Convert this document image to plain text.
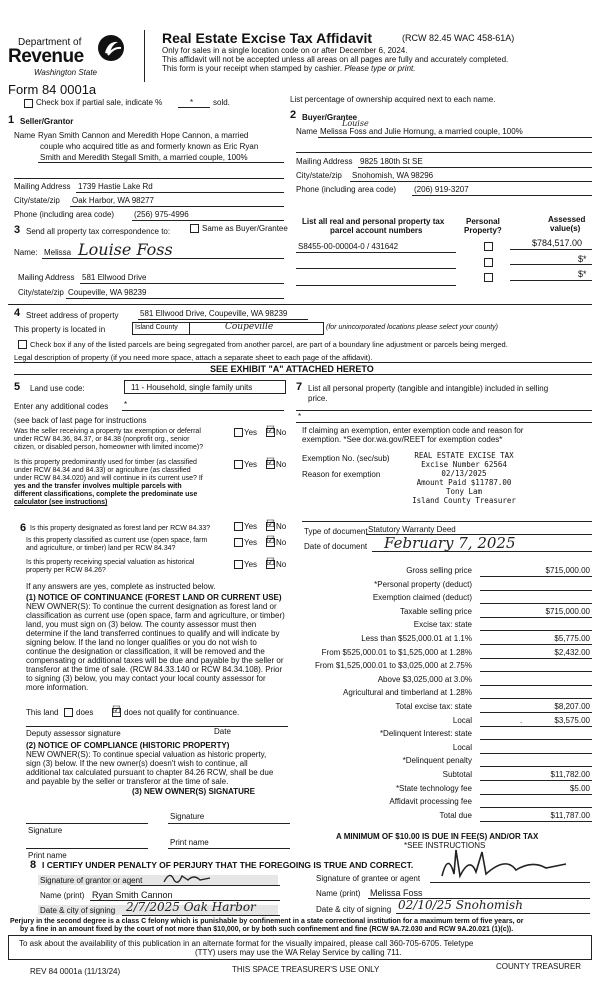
Department of
Revenue
Washington State
Real Estate Excise Tax Affidavit	(RCW 82.45 WAC 458-61A)
Only for sales in a single location code on or after December 6, 2024.
This affidavit will not be accepted unless all areas on all pages are fully and accurately completed.
This form is your receipt when stamped by cashier. Please type or print.
Form 84 0001a
Check box if partial sale, indicate %	* sold.	List percentage of ownership acquired next to each name.
1 Seller/Grantor
Name Ryan Smith Cannon and Meredith Hope Cannon, a married
couple who acquired title as and formerly known as Eric Ryan
Smith and Meredith Stegall Smith, a married couple, 100%
Mailing Address 1739 Hastie Lake Rd
City/state/zip Oak Harbor, WA 98277
Phone (including area code) (256) 975-4996
2 Buyer/Grantee
Louise
Name Melissa Foss and Julie Hornung, a married couple, 100%
Mailing Address 9825 180th St SE
City/state/zip Snohomish, WA 98296
Phone (including area code) (206) 919-3207
3 Send all property tax correspondence to:	Same as Buyer/Grantee
Name: Melissa Louise Foss
Mailing Address 581 Ellwood Drive
City/state/zip Coupeville, WA 98239
List all real and personal property tax
parcel account numbers
Personal
Property?
Assessed
value(s)
S8455-00-00004-0 / 431642	$784,517.00
$*
$*
4 Street address of property	581 Ellwood Drive, Coupeville, WA 98239
This property is located in	Island County	Coupeville	(for unincorporated locations please select your county)
Check box if any of the listed parcels are being segregated from another parcel, are part of a boundary line adjustment or parcels being merged.
Legal description of property (if you need more space, attach a separate sheet to each page of the affidavit).
SEE EXHIBIT "A" ATTACHED HERETO
5 Land use code:	11 - Household, single family units
Enter any additional codes *
(see back of last page for instructions
Was the seller receiving a property tax exemption or deferral
under RCW 84.36, 84.37, or 84.38 (nonprofit org., senior
citizen, or disabled person, homeowner with limited income)?
Yes ☑ No
Is this property predominantly used for timber (as classified
under RCW 84.34 and 84.33) or agriculture (as classified
under RCW 84.34.020) and will continue in its current use? If
yes and the transfer involves multiple parcels with
different classifications, complete the predominate use
calculator (see instructions)
Yes ☑ No
6 Is this property designated as forest land per RCW 84.33?	Yes ☑ No
Is this property classified as current use (open space, farm
and agriculture, or timber) land per RCW 84.34?
Yes ☑ No
Is this property receiving special valuation as historical
property per RCW 84.26?
Yes ☑ No
If any answers are yes, complete as instructed below.
(1) NOTICE OF CONTINUANCE (FOREST LAND OR CURRENT USE)
NEW OWNER(S): To continue the current designation as forest land or
classification as current use (open space, farm and agriculture, or timber)
land, you must sign on (3) below. The county assessor must then
determine if the land transferred continues to qualify and will indicate by
signing below. If the land no longer qualifies or you do not wish to
continue the designation or classification, it will be removed and the
compensating or additional taxes will be due and payable by the seller or
transferor at the time of sale. (RCW 84.33.140 or RCW 84.34.108). Prior
to signing (3) below, you may contact your local county assessor for
more information.
This land does ☑ does not qualify for continuance.
Deputy assessor signature	Date
(2) NOTICE OF COMPLIANCE (HISTORIC PROPERTY)
NEW OWNER(S): To continue special valuation as historic property,
sign (3) below. If the new owner(s) doesn't wish to continue, all
additional tax calculated pursuant to chapter 84.26 RCW, shall be due
and payable by the seller or transferor at the time of sale.
(3) NEW OWNER(S) SIGNATURE
Signature
Signature
Print name
Print name
7 List all personal property (tangible and intangible) included in selling
price.
*
If claiming an exemption, enter exemption code and reason for
exemption. *See dor.wa.gov/REET for exemption codes*
Exemption No. (sec/sub)
Reason for exemption
REAL ESTATE EXCISE TAX
Excise Number 62564
02/13/2025
Amount Paid $11787.00
Tony Lam
Island County Treasurer
Type of document Statutory Warranty Deed
Date of document February 7, 2025
Gross selling price	$715,000.00
*Personal property (deduct)
Exemption claimed (deduct)
Taxable selling price	$715,000.00
Excise tax: state
Less than $525,000.01 at 1.1%	$5,775.00
From $525,000.01 to $1,525,000 at 1.28%	$2,432.00
From $1,525,000.01 to $3,025,000 at 2.75%
Above $3,025,000 at 3.0%
Agricultural and timberland at 1.28%
Total excise tax: state	$8,207.00
Local	$3,575.00
*Delinquent Interest: state
Local
*Delinquent penalty
Subtotal	$11,782.00
*State technology fee	$5.00
Affidavit processing fee
Total due	$11,787.00
.
A MINIMUM OF $10.00 IS DUE IN FEE(S) AND/OR TAX
*SEE INSTRUCTIONS
8 I CERTIFY UNDER PENALTY OF PERJURY THAT THE FOREGOING IS TRUE AND CORRECT.
Signature of grantor or agent	Signature of grantee or agent
Name (print) Ryan Smith Cannon	Name (print) Melissa Foss
Date & city of signing 2/7/2025 Oak Harbor	Date & city of signing 02/10/25 Snohomish
Perjury in the second degree is a class C felony which is punishable by confinement in a state correctional institution for a maximum term of five years, or
by a fine in an amount fixed by the court of not more than $10,000, or by both such confinement and fine (RCW 9A.72.030 and RCW 9A.20.021 (1)(c)).
To ask about the availability of this publication in an alternate format for the visually impaired, please call 360-705-6705. Teletype
(TTY) users may use the WA Relay Service by calling 711.
REV 84 0001a (11/13/24)	THIS SPACE TREASURER'S USE ONLY	COUNTY TREASURER
